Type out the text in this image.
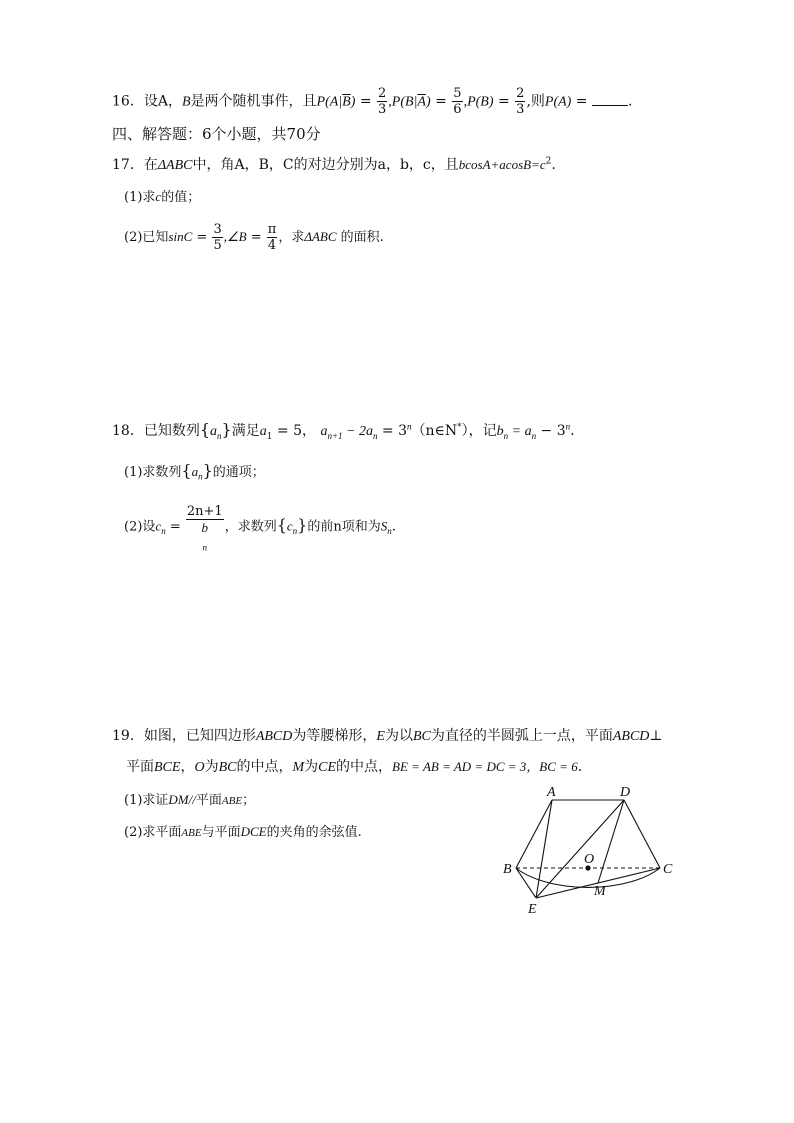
16．设A，B是两个随机事件，且$P(A|\overline{B}) = \frac{2}{3} ,P(B|\overline{A}) = \frac{5}{6} ,P(B) = \frac{2}{3}$ ,则P(A) =	.
四、解答题：6个小题，共70分
17．在ΔABC中，角A，B，C的对边分别为a，b，c，且$bcosA+acosB=c^2$.
(1)求c的值；
(2)已知$\sin C = \frac{3}{5}$ ,∠B = $\frac{\pi}{4}$ ，求ΔABC 的面积.
18．已知数列$\{a_n\}$满足$a_1 = 5$， $a_{n+1} - 2a_n$ = $3^n(n\in N^*)$，记$b_n = a_n - 3^n$.
(1)求数列$\{a_n\}$的通项；
(2)设$c_n = 2n+1$
b
$_n$ ，求数列$\{c_n\}$的前n项和为$S_n$.
19．如图，已知四边形ABCD为等腰梯形，E为以BC为直径的半圆弧上一点，平面ABCD⊥
平面BCE，O为BC的中点，M为CE的中点，BE = AB = AD = DC = 3，BC = 6.
(1)求证DM//平面ABE；
(2)求平面ABE与平面DCE的夹角的余弦值.
A	D
B	C
O
M
E
